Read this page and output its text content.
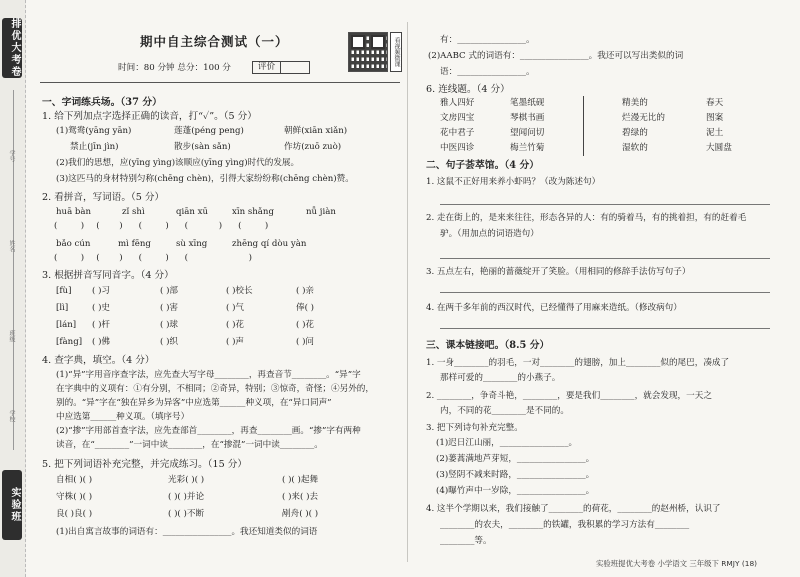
排优大考卷
学号
姓名
班级
学校
实验班
期中自主综合测试（一）	看视频微课
时间：80 分钟 总分：100 分	评价
一、字词练兵场。（37 分）
1. 给下列加点字选择正确的读音，打“✓”。（5 分）
(1)鸳鸯(yāng yān)	莲蓬(péng peng)	朝鲜(xiān xiǎn)
禁止(jīn jìn)	散步(sàn sǎn)	作坊(zuō zuò)
(2)我们的思想，应(yīng yìng)该顺应(yīng yìng)时代的发展。
(3)这匹马的身材特别匀称(chēng chèn)，引得大家纷纷称(chēng chèn)赞。
2. 看拼音，写词语。（5 分）
huā bàn	zǐ shì	qiān xū	xīn shǎng	nǚ jiàn
(      )   (     )    (      )    (        )    (      )
bǎo cún	mì fēng	sù xīng	zhēng qí dòu yàn
(      )   (     )    (      )    (                )
3. 根据拼音写同音字。（4 分）
[fù] ( )习	( )部	( )校长	( )亲
[lì]	( )史	( )害	( )气	俸( )
[lán] ( )杆	( )球	( )花	( )花
[fàng] ( )佛	( )织	( )声	( )问
4. 查字典，填空。（4 分）
(1)“异”字用音序查字法，应先查大写字母________，再查音节________。“异”字
在字典中的义项有：①有分别，不相同；②奇异，特别；③惊奇，奇怪；④另外的，
别的。“异”字在“独在异乡为异客”中应选第______种义项，在“异口同声”
中应选第______种义项。（填序号）
(2)“掺”字用部首查字法，应先查部首________，再查________画。“掺”字有两种
读音，在“________”一词中读________，在“掺混”一词中读________。
5. 把下列词语补充完整，并完成练习。（15 分）
自相( )( )	光彩( )( )	( )( )起舞
守株( )( )	( )( )并论	( )来( )去
良( )良( )	( )( )不断	剐舟( )( )
(1)出自寓言故事的词语有：________________。我还知道类似的词语
有：________________。
(2)AABC 式的词语有：________________。我还可以写出类似的词
语：________________。
6. 连线题。（4 分）
雅人四好
文房四宝
花中君子
中医四诊
笔墨纸砚
琴棋书画
望闻问切
梅兰竹菊
精美的
烂漫无比的
碧绿的
湿软的
春天
图案
泥土
大圆盘
二、句子荟萃馆。（4 分）
1. 这鼠不正好用来养小虾吗？（改为陈述句）
2. 走在街上的，是来来往往，形态各异的人：有的骑着马，有的挑着担，有的赶着毛
驴。（用加点的词语造句）
3. 五点左右，艳丽的蔷薇绽开了笑脸。（用相同的修辞手法仿写句子）
4. 在两千多年前的西汉时代，已经懂得了用麻来造纸。（修改病句）
三、课本链接吧。（8.5 分）
1. 一身________的羽毛，一对________的翅膀，加上________似的尾巴，凑成了
那样可爱的________的小燕子。
2. ________，争奇斗艳，________，要是我们________，就会发现，一天之
内，不同的花________是不同的。
3. 把下列诗句补充完整。
(1)迟日江山丽，________________。
(2)蒌蒿满地芦芽短，________________。
(3)竖阴不减来时路，________________。
(4)曝竹声中一岁除，________________。
4. 这半个学期以来，我们接触了________的荷花，________的赵州桥，认识了
________的农夫，________的铁罐，我积累的学习方法有________
________等。
实验班提优大考卷 小学语文 三年级下 RMJY (18)
